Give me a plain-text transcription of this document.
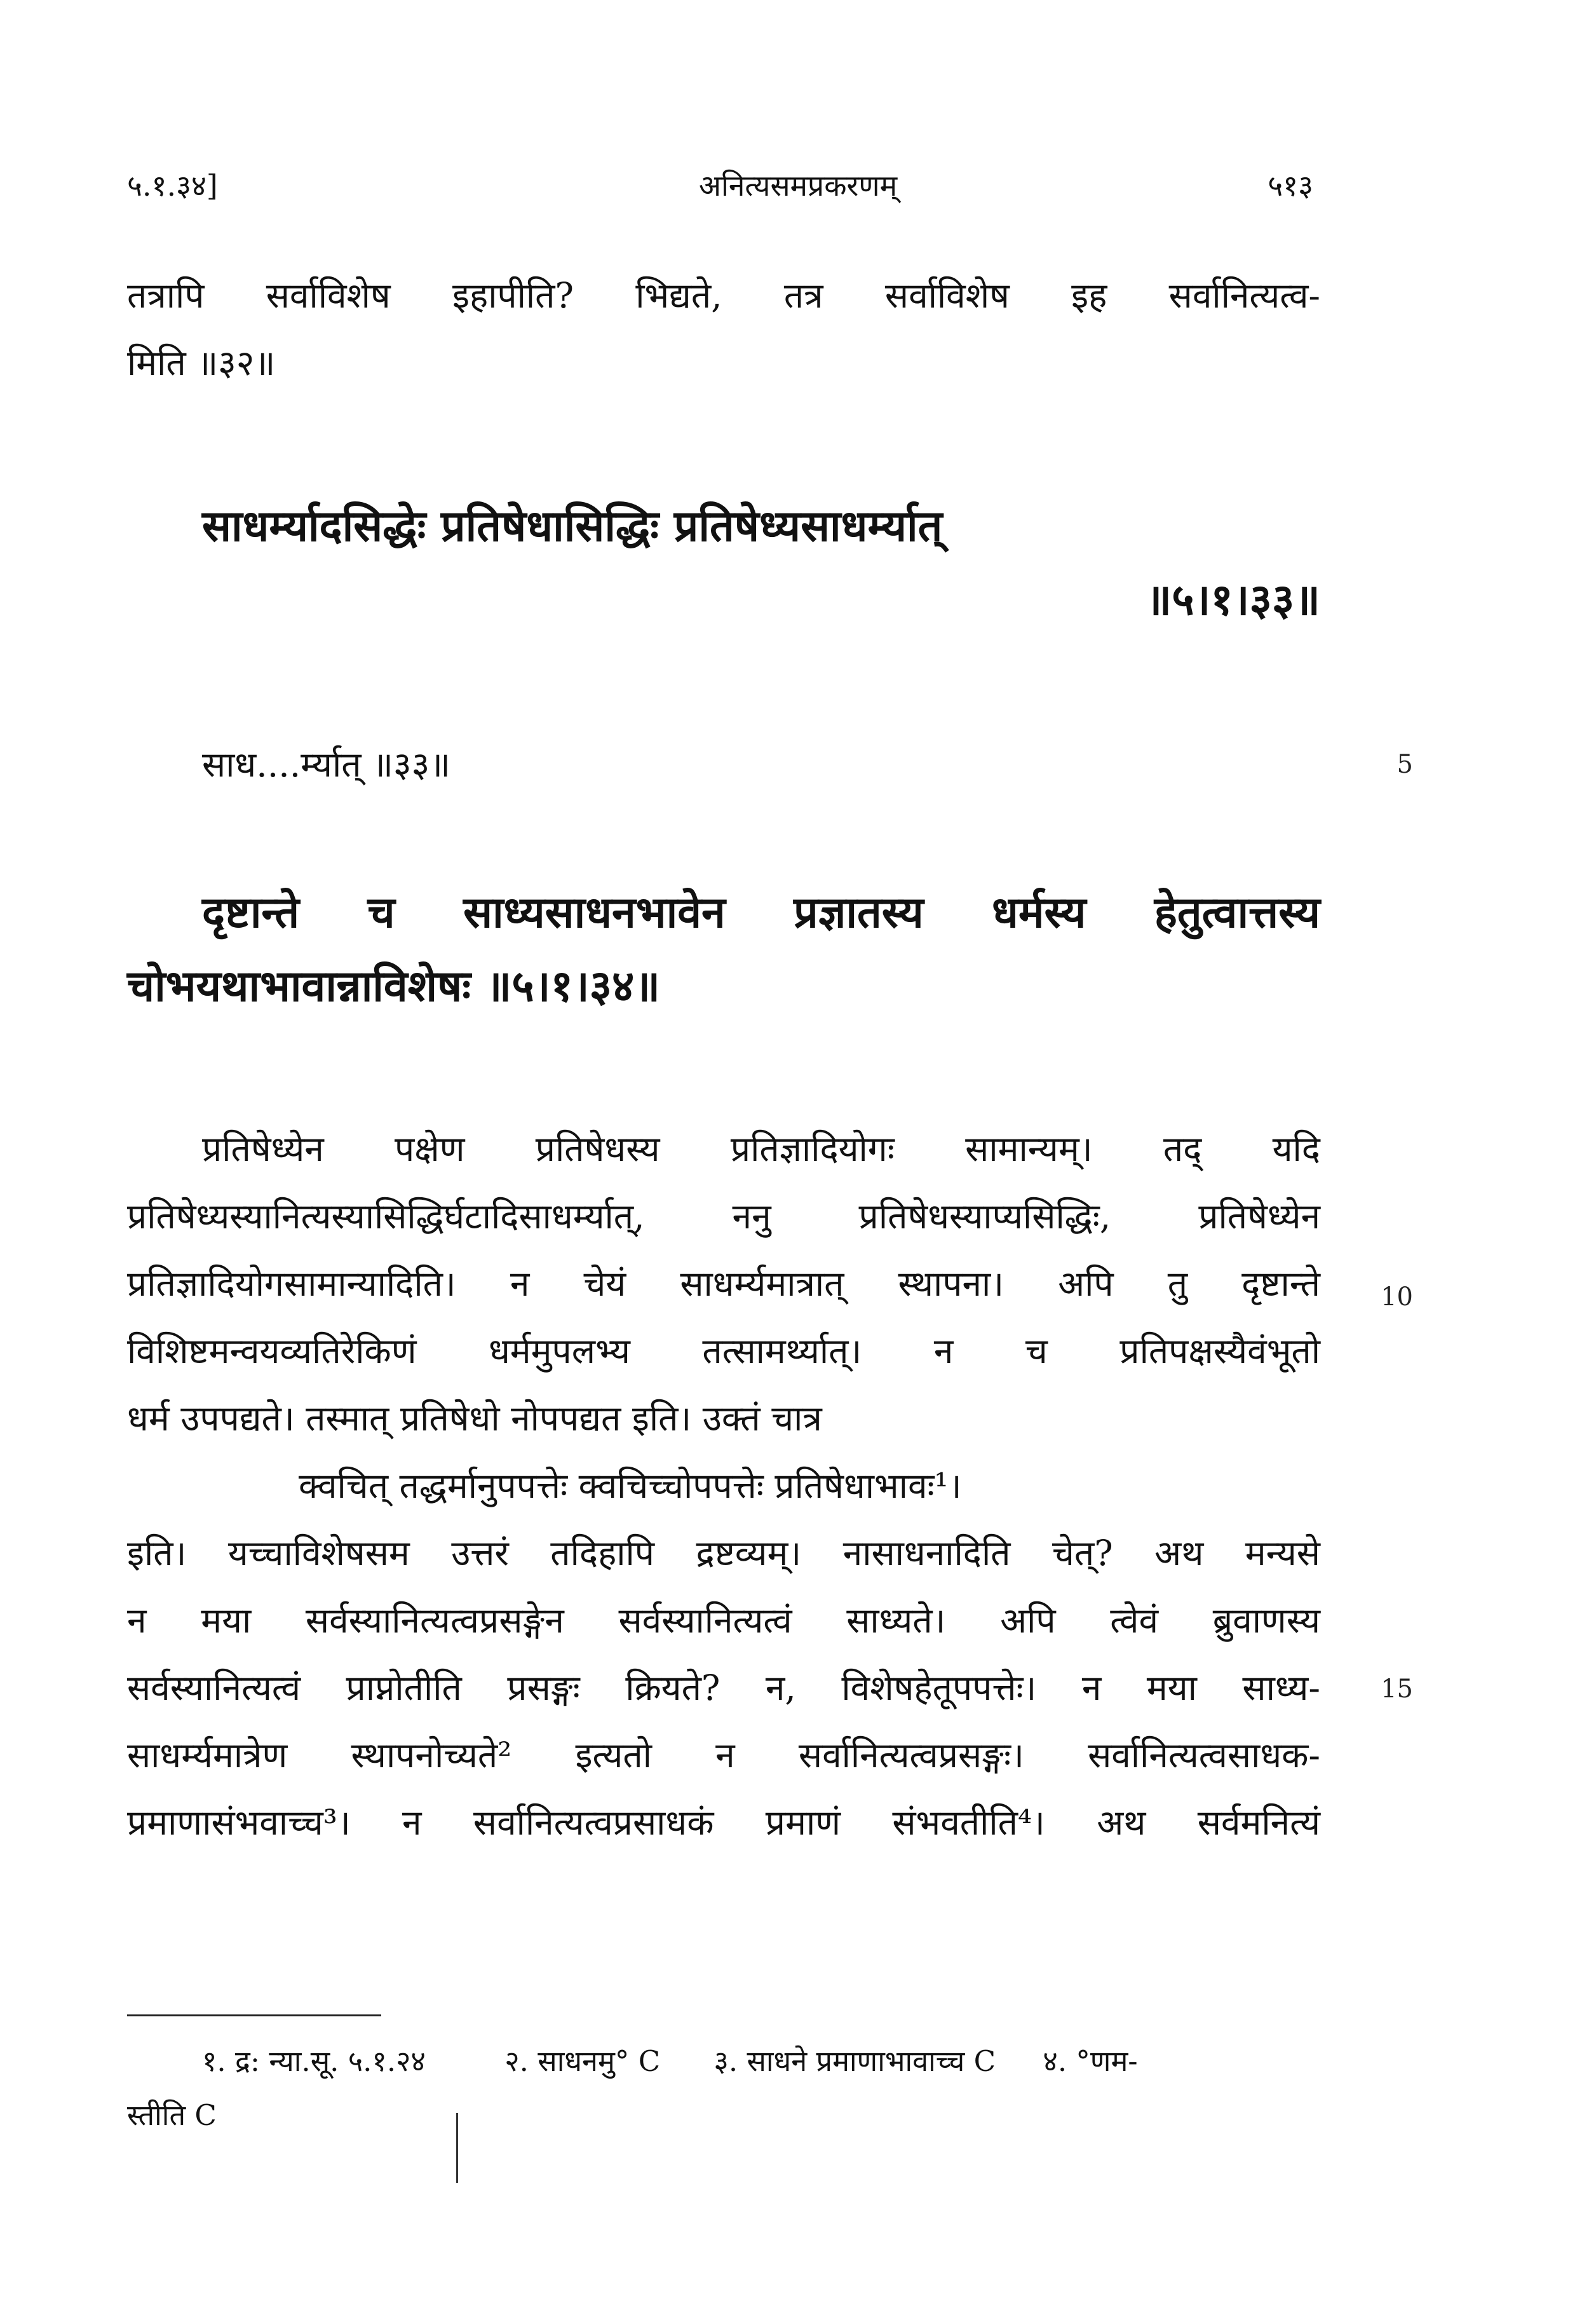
५.१.३४]	अनित्यसमप्रकरणम्	५१३
तत्रापि सर्वाविशेष इहापीति? भिद्यते, तत्र सर्वाविशेष इह सर्वानित्यत्व-
मिति ॥३२॥
साधर्म्यादसिद्धेः प्रतिषेधासिद्धिः प्रतिषेध्यसाधर्म्यात्
॥५।१।३३॥
साध....र्म्यात् ॥३३॥	5
दृष्टान्ते च साध्यसाधनभावेन प्रज्ञातस्य धर्मस्य हेतुत्वात्तस्य
चोभयथाभावान्नाविशेषः ॥५।१।३४॥
प्रतिषेध्येन पक्षेण प्रतिषेधस्य प्रतिज्ञादियोगः सामान्यम्। तद् यदि
प्रतिषेध्यस्यानित्यस्यासिद्धिर्घटादिसाधर्म्यात्, ननु प्रतिषेधस्याप्यसिद्धिः, प्रतिषेध्येन
प्रतिज्ञादियोगसामान्यादिति। न चेयं साधर्म्यमात्रात् स्थापना। अपि तु दृष्टान्ते
विशिष्टमन्वयव्यतिरेकिणं धर्ममुपलभ्य तत्सामर्थ्यात्। न च प्रतिपक्षस्यैवंभूतो
धर्म उपपद्यते। तस्मात् प्रतिषेधो नोपपद्यत इति। उक्तं चात्र
10
क्वचित् तद्धर्मानुपपत्तेः क्वचिच्चोपपत्तेः प्रतिषेधाभावः¹।
इति। यच्चाविशेषसम उत्तरं तदिहापि द्रष्टव्यम्। नासाधनादिति चेत्? अथ मन्यसे
न मया सर्वस्यानित्यत्वप्रसङ्गेन सर्वस्यानित्यत्वं साध्यते। अपि त्वेवं ब्रुवाणस्य
सर्वस्यानित्यत्वं प्राप्नोतीति प्रसङ्गः क्रियते? न, विशेषहेतूपपत्तेः। न मया साध्य-
साधर्म्यमात्रेण स्थापनोच्यते² इत्यतो न सर्वानित्यत्वप्रसङ्गः। सर्वानित्यत्वसाधक-
प्रमाणासंभवाच्च³। न सर्वानित्यत्वप्रसाधकं प्रमाणं संभवतीति⁴। अथ सर्वमनित्यं
15
१. द्र: न्या.सू. ५.१.२४	२. साधनमु° C ३. साधने प्रमाणाभावाच्च C ४. °णम-
स्तीति C
